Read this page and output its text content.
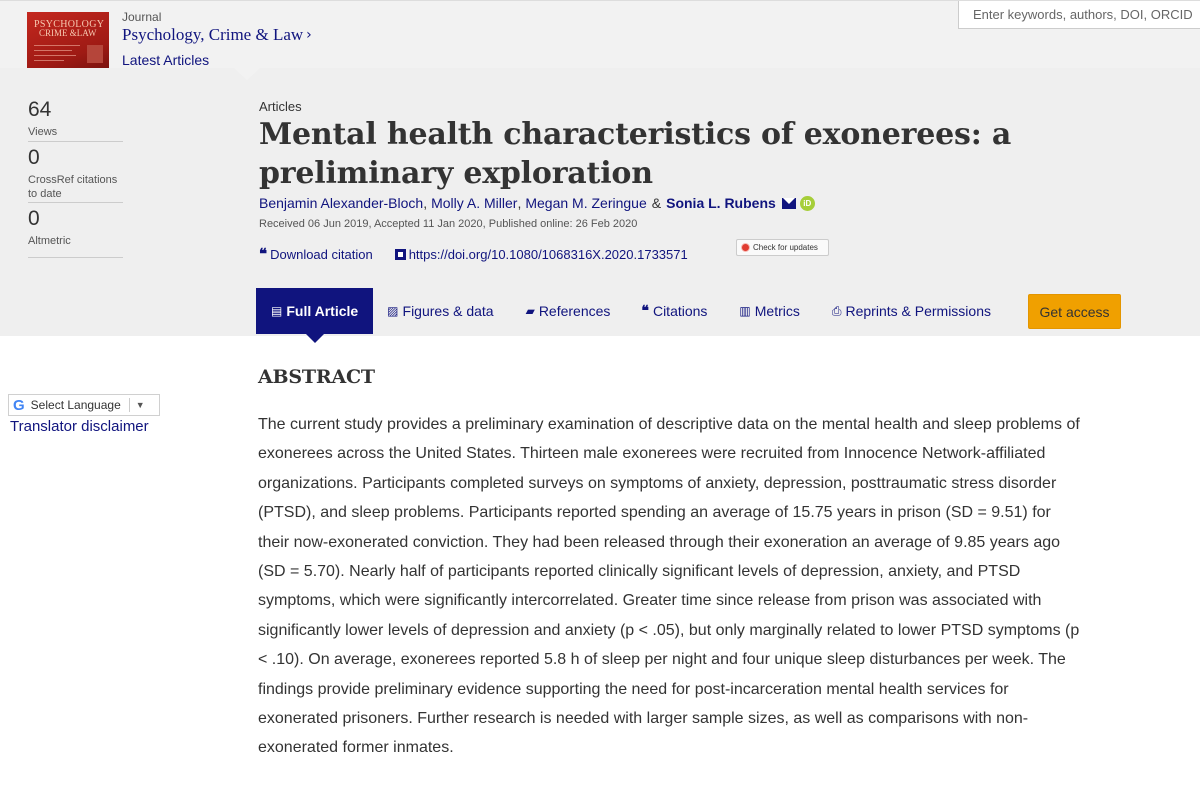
PSYCHOLOGY
CRIME &LAW
Journal
Psychology, Crime & Law ›
Latest Articles
Enter keywords, authors, DOI, ORCID
64
Views
0
CrossRef citations to date
0
Altmetric
Articles
Mental health characteristics of exonerees: a preliminary exploration
Benjamin Alexander-Bloch , Molly A. Miller , Megan M. Zeringue & Sonia L. Rubens	iD
Received 06 Jun 2019, Accepted 11 Jan 2020, Published online: 26 Feb 2020
❝ Download citation	https://doi.org/10.1080/1068316X.2020.1733571	Check for updates
▤ Full Article ▨ Figures & data	▰ References ❝ Citations	▥ Metrics	⎙ Reprints & Permissions	Get access
G Select Language ▼
Translator disclaimer
ABSTRACT

The current study provides a preliminary examination of descriptive data on the mental health and sleep problems of exonerees across the United States. Thirteen male exonerees were recruited from Innocence Network-affiliated organizations. Participants completed surveys on symptoms of anxiety, depression, posttraumatic stress disorder (PTSD), and sleep problems. Participants reported spending an average of 15.75 years in prison (SD = 9.51) for their now-exonerated conviction. They had been released through their exoneration an average of 9.85 years ago (SD = 5.70). Nearly half of participants reported clinically significant levels of depression, anxiety, and PTSD symptoms, which were significantly intercorrelated. Greater time since release from prison was associated with significantly lower levels of depression and anxiety (p < .05), but only marginally related to lower PTSD symptoms (p < .10). On average, exonerees reported 5.8 h of sleep per night and four unique sleep disturbances per week. The findings provide preliminary evidence supporting the need for post-incarceration mental health services for exonerated prisoners. Further research is needed with larger sample sizes, as well as comparisons with non-exonerated former inmates.
